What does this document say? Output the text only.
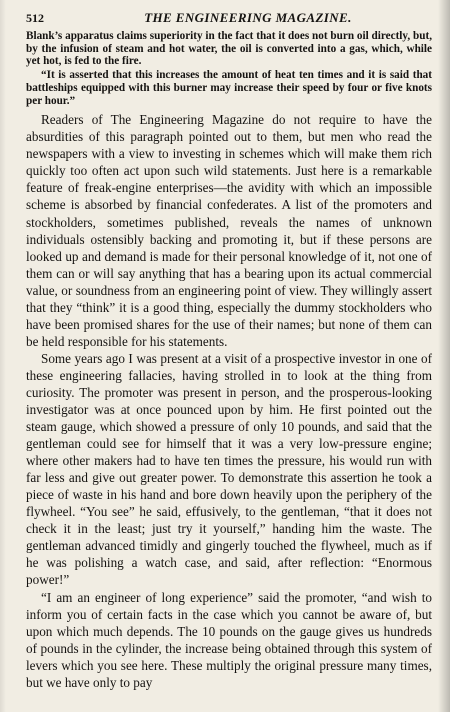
512	THE ENGINEERING MAGAZINE.

Blank’s apparatus claims superiority in the fact that it does not burn oil directly, but, by the infusion of steam and hot water, the oil is converted into a gas, which, while yet hot, is fed to the fire.

“It is asserted that this increases the amount of heat ten times and it is said that battleships equipped with this burner may increase their speed by four or five knots per hour.”

Readers of The Engineering Magazine do not require to have the absurdities of this paragraph pointed out to them, but men who read the newspapers with a view to investing in schemes which will make them rich quickly too often act upon such wild statements. Just here is a remarkable feature of freak-engine enterprises—the avidity with which an impossible scheme is absorbed by financial confederates. A list of the promoters and stockholders, sometimes published, reveals the names of unknown individuals ostensibly backing and promoting it, but if these persons are looked up and demand is made for their personal knowledge of it, not one of them can or will say anything that has a bearing upon its actual commercial value, or soundness from an engineering point of view. They willingly assert that they “think” it is a good thing, especially the dummy stockholders who have been promised shares for the use of their names; but none of them can be held responsible for his statements.

Some years ago I was present at a visit of a prospective investor in one of these engineering fallacies, having strolled in to look at the thing from curiosity. The promoter was present in person, and the prosperous-looking investigator was at once pounced upon by him. He first pointed out the steam gauge, which showed a pressure of only 10 pounds, and said that the gentleman could see for himself that it was a very low-pressure engine; where other makers had to have ten times the pressure, his would run with far less and give out greater power. To demonstrate this assertion he took a piece of waste in his hand and bore down heavily upon the periphery of the flywheel. “You see” he said, effusively, to the gentleman, “that it does not check it in the least; just try it yourself,” handing him the waste. The gentleman advanced timidly and gingerly touched the flywheel, much as if he was polishing a watch case, and said, after reflection: “Enormous power!”

“I am an engineer of long experience” said the promoter, “and wish to inform you of certain facts in the case which you cannot be aware of, but upon which much depends. The 10 pounds on the gauge gives us hundreds of pounds in the cylinder, the increase being obtained through this system of levers which you see here. These multiply the original pressure many times, but we have only to pay
